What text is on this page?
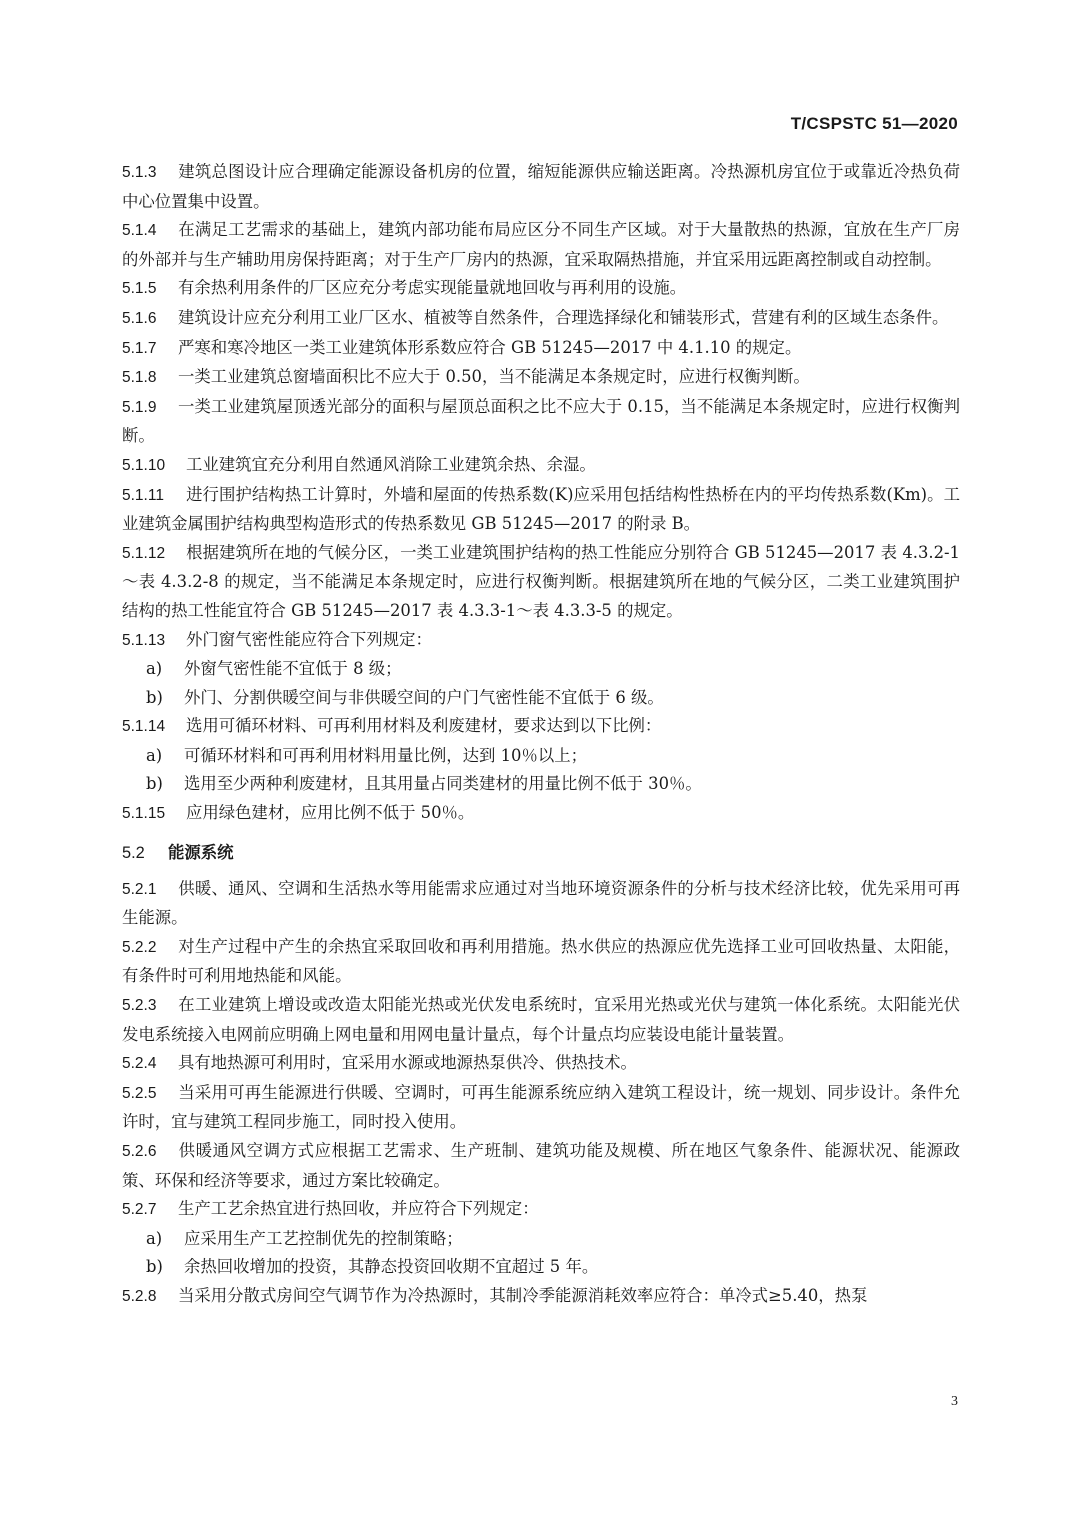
T/CSPSTC 51—2020

5.1.3 建筑总图设计应合理确定能源设备机房的位置，缩短能源供应输送距离。冷热源机房宜位于或靠近冷热负荷中心位置集中设置。

5.1.4 在满足工艺需求的基础上，建筑内部功能布局应区分不同生产区域。对于大量散热的热源，宜放在生产厂房的外部并与生产辅助用房保持距离；对于生产厂房内的热源，宜采取隔热措施，并宜采用远距离控制或自动控制。

5.1.5 有余热利用条件的厂区应充分考虑实现能量就地回收与再利用的设施。

5.1.6 建筑设计应充分利用工业厂区水、植被等自然条件，合理选择绿化和铺装形式，营建有利的区域生态条件。

5.1.7 严寒和寒冷地区一类工业建筑体形系数应符合 GB 51245—2017 中 4.1.10 的规定。

5.1.8 一类工业建筑总窗墙面积比不应大于 0.50，当不能满足本条规定时，应进行权衡判断。

5.1.9 一类工业建筑屋顶透光部分的面积与屋顶总面积之比不应大于 0.15，当不能满足本条规定时，应进行权衡判断。

5.1.10 工业建筑宜充分利用自然通风消除工业建筑余热、余湿。

5.1.11 进行围护结构热工计算时，外墙和屋面的传热系数(K)应采用包括结构性热桥在内的平均传热系数(Km)。工业建筑金属围护结构典型构造形式的传热系数见 GB 51245—2017 的附录 B。

5.1.12 根据建筑所在地的气候分区，一类工业建筑围护结构的热工性能应分别符合 GB 51245—2017 表 4.3.2-1～表 4.3.2-8 的规定，当不能满足本条规定时，应进行权衡判断。根据建筑所在地的气候分区，二类工业建筑围护结构的热工性能宜符合 GB 51245—2017 表 4.3.3-1～表 4.3.3-5 的规定。

5.1.13 外门窗气密性能应符合下列规定：

a) 外窗气密性能不宜低于 8 级；

b) 外门、分割供暖空间与非供暖空间的户门气密性能不宜低于 6 级。

5.1.14 选用可循环材料、可再利用材料及利废建材，要求达到以下比例：

a) 可循环材料和可再利用材料用量比例，达到 10％以上；

b) 选用至少两种利废建材，且其用量占同类建材的用量比例不低于 30％。

5.1.15 应用绿色建材，应用比例不低于 50％。

5.2 能源系统

5.2.1 供暖、通风、空调和生活热水等用能需求应通过对当地环境资源条件的分析与技术经济比较，优先采用可再生能源。

5.2.2 对生产过程中产生的余热宜采取回收和再利用措施。热水供应的热源应优先选择工业可回收热量、太阳能，有条件时可利用地热能和风能。

5.2.3 在工业建筑上增设或改造太阳能光热或光伏发电系统时，宜采用光热或光伏与建筑一体化系统。太阳能光伏发电系统接入电网前应明确上网电量和用网电量计量点，每个计量点均应装设电能计量装置。

5.2.4 具有地热源可利用时，宜采用水源或地源热泵供冷、供热技术。

5.2.5 当采用可再生能源进行供暖、空调时，可再生能源系统应纳入建筑工程设计，统一规划、同步设计。条件允许时，宜与建筑工程同步施工，同时投入使用。

5.2.6 供暖通风空调方式应根据工艺需求、生产班制、建筑功能及规模、所在地区气象条件、能源状况、能源政策、环保和经济等要求，通过方案比较确定。

5.2.7 生产工艺余热宜进行热回收，并应符合下列规定：

a) 应采用生产工艺控制优先的控制策略；

b) 余热回收增加的投资，其静态投资回收期不宜超过 5 年。

5.2.8 当采用分散式房间空气调节作为冷热源时，其制冷季能源消耗效率应符合：单冷式≥5.40，热泵

3
